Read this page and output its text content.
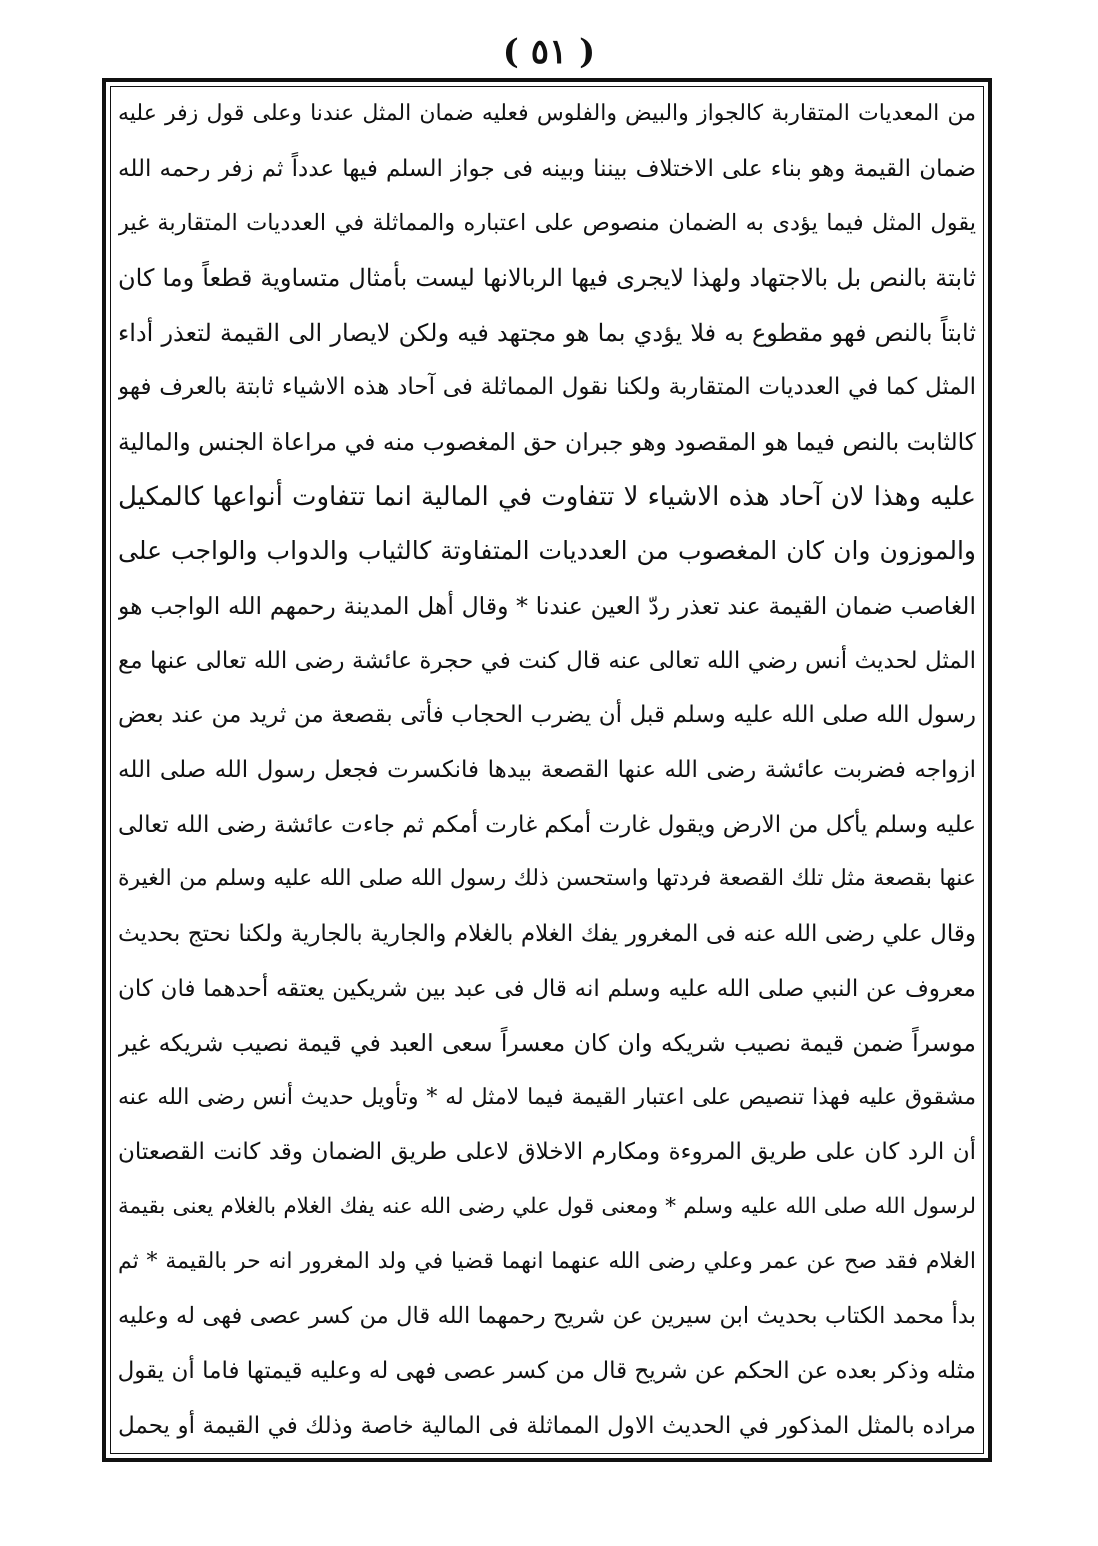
( ٥١ )
من المعديات المتقاربة كالجواز والبيض والفلوس فعليه ضمان المثل عندنا وعلى قول زفر عليه
ضمان القيمة وهو بناء على الاختلاف بيننا وبينه فى جواز السلم فيها عدداً ثم زفر رحمه الله
يقول المثل فيما يؤدى به الضمان منصوص على اعتباره والمماثلة في العدديات المتقاربة غير
ثابتة بالنص بل بالاجتهاد ولهذا لايجرى فيها الربالانها ليست بأمثال متساوية قطعاً وما كان
ثابتاً بالنص فهو مقطوع به فلا يؤدي بما هو مجتهد فيه ولكن لايصار الى القيمة لتعذر أداء
المثل كما في العدديات المتقاربة ولكنا نقول المماثلة فى آحاد هذه الاشياء ثابتة بالعرف فهو
كالثابت بالنص فيما هو المقصود وهو جبران حق المغصوب منه في مراعاة الجنس والمالية
عليه وهذا لان آحاد هذه الاشياء لا تتفاوت في المالية انما تتفاوت أنواعها كالمكيل
والموزون وان كان المغصوب من العدديات المتفاوتة كالثياب والدواب والواجب على
الغاصب ضمان القيمة عند تعذر ردّ العين عندنا * وقال أهل المدينة رحمهم الله الواجب هو
المثل لحديث أنس رضي الله تعالى عنه قال كنت في حجرة عائشة رضى الله تعالى عنها مع
رسول الله صلى الله عليه وسلم قبل أن يضرب الحجاب فأتى بقصعة من ثريد من عند بعض
ازواجه فضربت عائشة رضى الله عنها القصعة بيدها فانكسرت فجعل رسول الله صلى الله
عليه وسلم يأكل من الارض ويقول غارت أمكم غارت أمكم ثم جاءت عائشة رضى الله تعالى
عنها بقصعة مثل تلك القصعة فردتها واستحسن ذلك رسول الله صلى الله عليه وسلم من الغيرة
وقال علي رضى الله عنه فى المغرور يفك الغلام بالغلام والجارية بالجارية ولكنا نحتج بحديث
معروف عن النبي صلى الله عليه وسلم انه قال فى عبد بين شريكين يعتقه أحدهما فان كان
موسراً ضمن قيمة نصيب شريكه وان كان معسراً سعى العبد في قيمة نصيب شريكه غير
مشقوق عليه فهذا تنصيص على اعتبار القيمة فيما لامثل له * وتأويل حديث أنس رضى الله عنه
أن الرد كان على طريق المروءة ومكارم الاخلاق لاعلى طريق الضمان وقد كانت القصعتان
لرسول الله صلى الله عليه وسلم * ومعنى قول علي رضى الله عنه يفك الغلام بالغلام يعنى بقيمة
الغلام فقد صح عن عمر وعلي رضى الله عنهما انهما قضيا في ولد المغرور انه حر بالقيمة * ثم
بدأ محمد الكتاب بحديث ابن سيرين عن شريح رحمهما الله قال من كسر عصى فهى له وعليه
مثله وذكر بعده عن الحكم عن شريح قال من كسر عصى فهى له وعليه قيمتها فاما أن يقول
مراده بالمثل المذكور في الحديث الاول المماثلة فى المالية خاصة وذلك في القيمة أو يحمل
